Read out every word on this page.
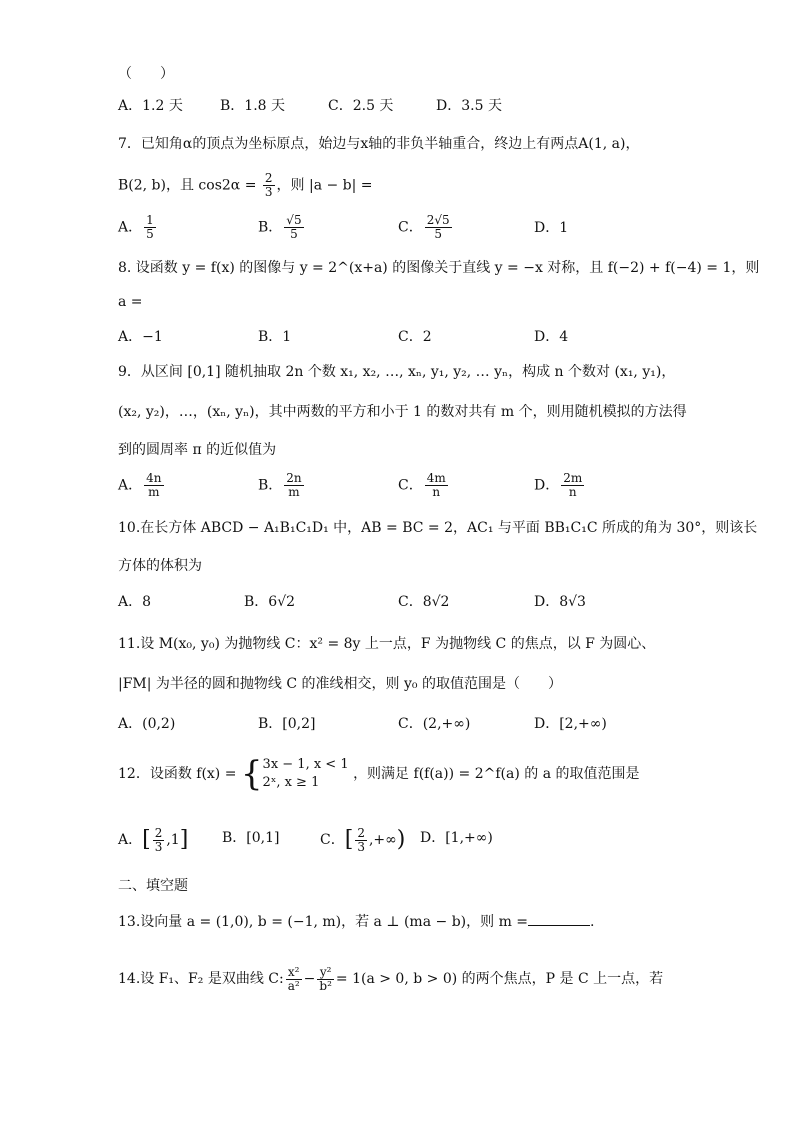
（　　）
A．1.2 天	B．1.8 天	C．2.5 天	D．3.5 天
7．已知角α的顶点为坐标原点，始边与x轴的非负半轴重合，终边上有两点A(1, a)，
B(2, b)，且 $\cos 2\alpha = \frac{2}{3}$ ，则 |a − b| =
A． $\frac{1}{5}$	B． $\frac{√5}{5}$	C． $\frac{2√5}{5}$	D．1
8. 设函数 y = f(x) 的图像与 y = 2^(x+a) 的图像关于直线 y = −x 对称，且 f(−2) + f(−4) = 1，则
a =
A．−1	B．1	C．2	D．4
9．从区间 [0,1] 随机抽取 2n 个数 x₁, x₂, …, xₙ, y₁, y₂, … yₙ，构成 n 个数对 (x₁, y₁)，
(x₂, y₂)，…，(xₙ, yₙ)，其中两数的平方和小于 1 的数对共有 m 个，则用随机模拟的方法得
到的圆周率 π 的近似值为
A． $\frac{4n}{m}$	B． $\frac{2n}{m}$	C． $\frac{4m}{n}$	D． $\frac{2m}{n}$
10.在长方体 ABCD − A₁B₁C₁D₁ 中，AB = BC = 2，AC₁ 与平面 BB₁C₁C 所成的角为 30°，则该长
方体的体积为
A．8	B．6√2	C．8√2	D．8√3
11.设 M(x₀, y₀) 为抛物线 C：x² = 8y 上一点，F 为抛物线 C 的焦点，以 F 为圆心、
|FM| 为半径的圆和抛物线 C 的准线相交，则 y₀ 的取值范围是（　　）
A．(0,2)	B．[0,2]	C．(2,+∞)	D．[2,+∞)
12．设函数 f(x) = { 3x − 1, x < 1
2ˣ, x ≥ 1
，则满足 f(f(a)) = 2^f(a) 的 a 的取值范围是
A．[ $\frac{2}{3} ,1$] B．[0,1]	C．[ $\frac{2}{3}$ ,+∞) D．[1,+∞)
二、填空题
13.设向量 a = (1,0), b = (−1, m)，若 a ⊥ (ma − b)，则 m =	.
14.设 F₁、F₂ 是双曲线 C: $\frac{\text{x²}}{\text{a²}} - \frac{\text{y²}}{\text{b²}} = 1(a > 0$, b > 0) 的两个焦点，P 是 C 上一点，若
